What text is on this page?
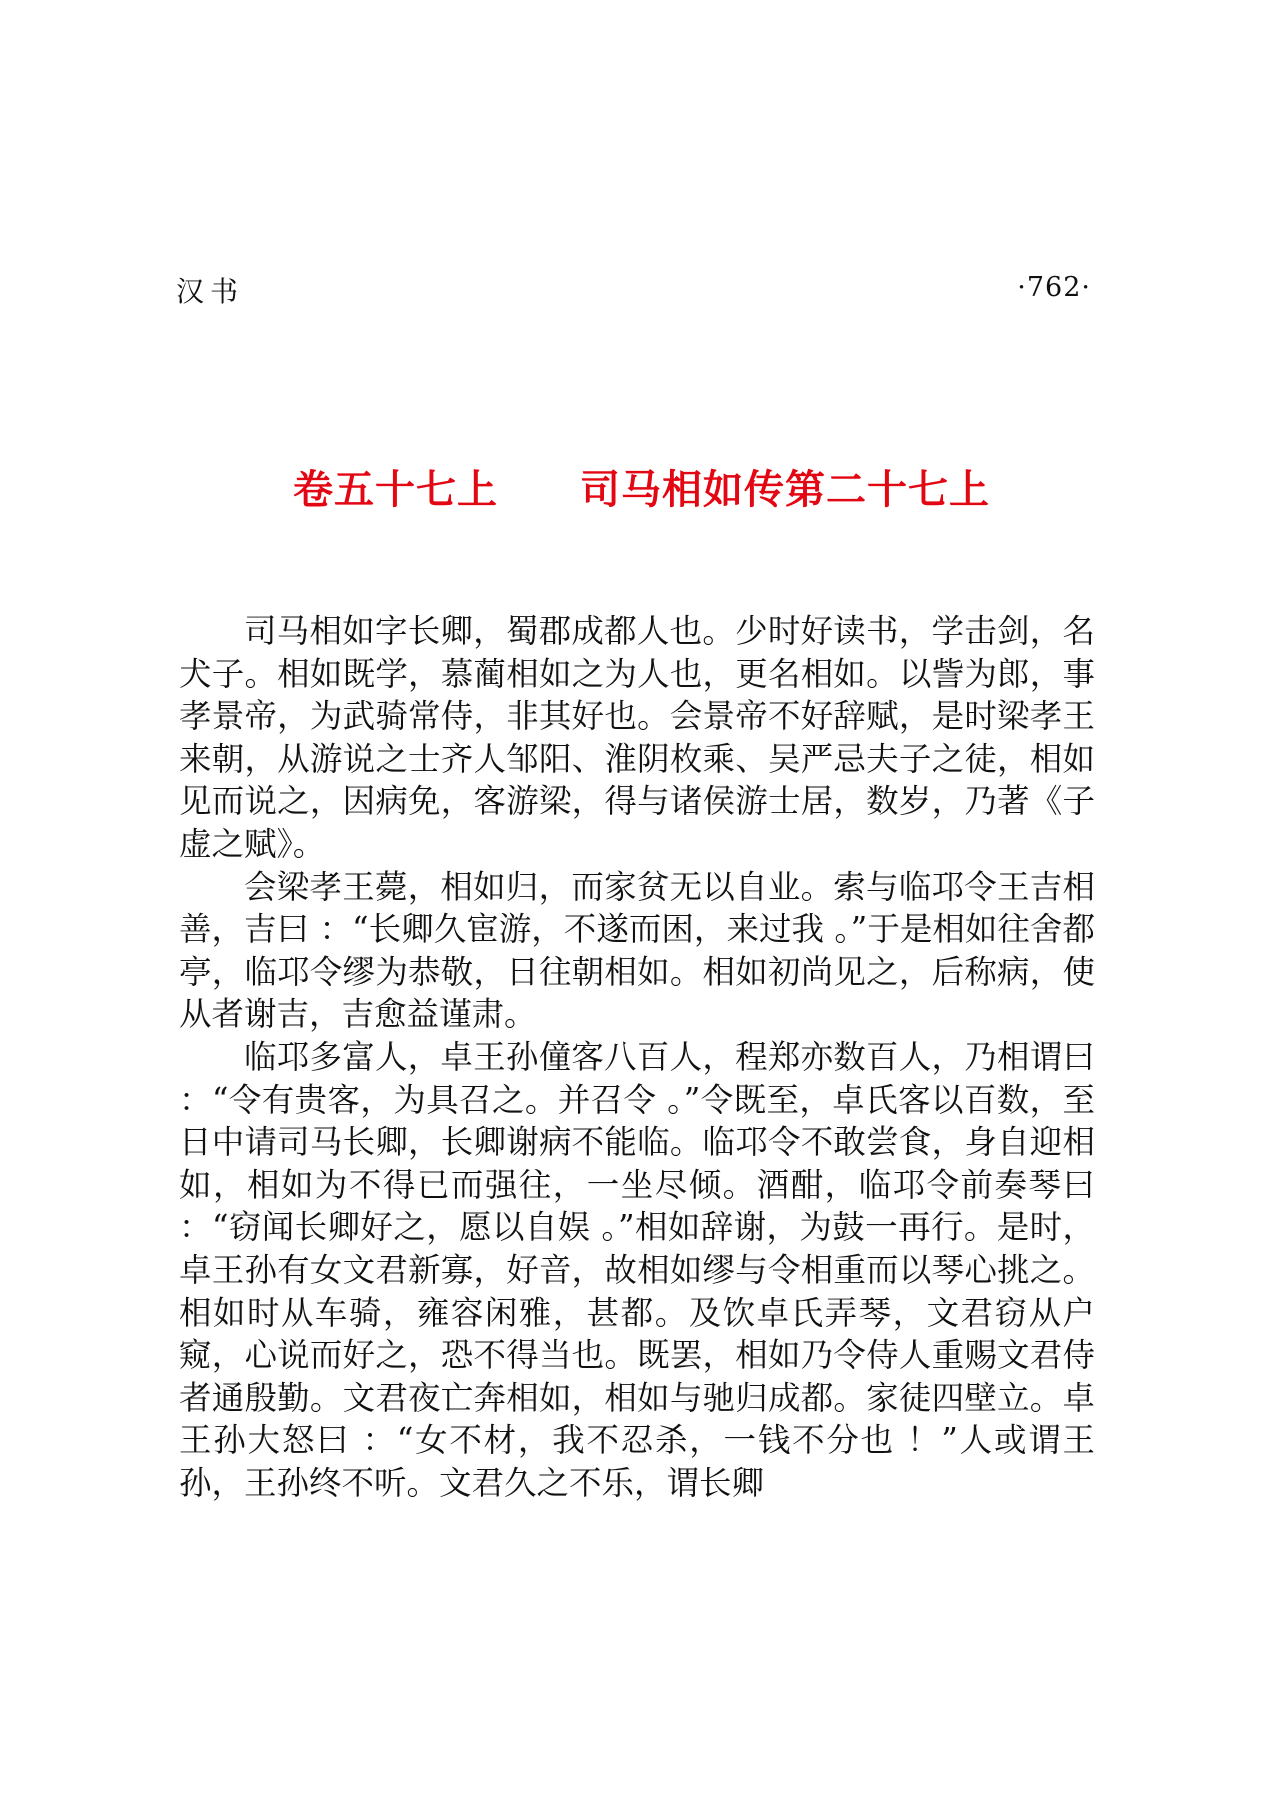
汉书	·762·
卷五十七上 司马相如传第二十七上

司马相如字长卿，蜀郡成都人也。少时好读书，学击剑，名犬子。相如既学，慕蔺相如之为人也，更名相如。以訾为郎，事孝景帝，为武骑常侍，非其好也。会景帝不好辞赋，是时梁孝王来朝，从游说之士齐人邹阳、淮阴枚乘、吴严忌夫子之徒，相如见而说之，因病免，客游梁，得与诸侯游士居，数岁，乃著《子虚之赋》。

会梁孝王薨，相如归，而家贫无以自业。索与临邛令王吉相善，吉曰 ：“长卿久宦游，不遂而困，来过我 。”于是相如往舍都亭，临邛令缪为恭敬，日往朝相如。相如初尚见之，后称病，使从者谢吉，吉愈益谨肃。

临邛多富人，卓王孙僮客八百人，程郑亦数百人，乃相谓曰 ：“令有贵客，为具召之。并召令 。”令既至，卓氏客以百数，至日中请司马长卿，长卿谢病不能临。临邛令不敢尝食，身自迎相如，相如为不得已而强往，一坐尽倾。酒酣，临邛令前奏琴曰 ：“窃闻长卿好之，愿以自娱 。”相如辞谢，为鼓一再行。是时，卓王孙有女文君新寡，好音，故相如缪与令相重而以琴心挑之。相如时从车骑，雍容闲雅，甚都。及饮卓氏弄琴，文君窃从户窥，心说而好之，恐不得当也。既罢，相如乃令侍人重赐文君侍者通殷勤。文君夜亡奔相如，相如与驰归成都。家徒四壁立。卓王孙大怒曰 ：“女不材，我不忍杀，一钱不分也 ！”人或谓王孙，王孙终不听。文君久之不乐，谓长卿
